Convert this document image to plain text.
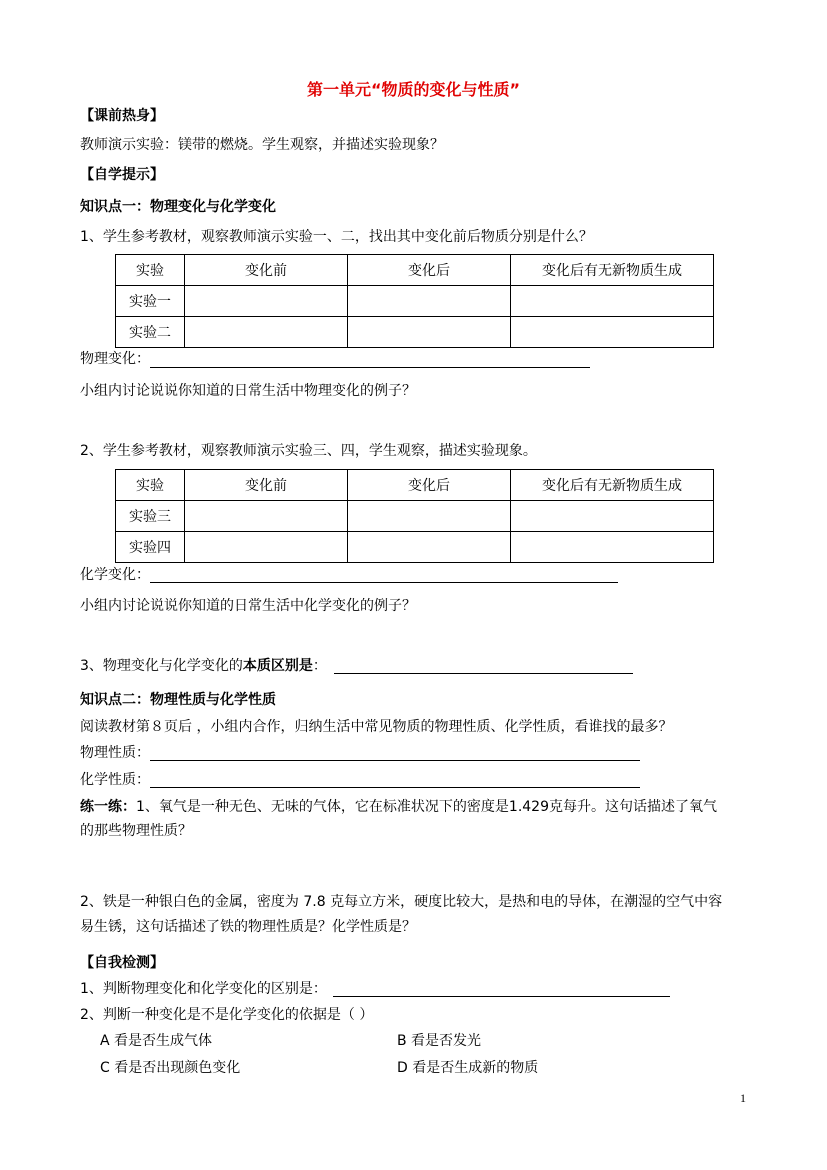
第一单元“物质的变化与性质”
【课前热身】
教师演示实验：镁带的燃烧。学生观察，并描述实验现象？
【自学提示】
知识点一：物理变化与化学变化
1、学生参考教材，观察教师演示实验一、二，找出其中变化前后物质分别是什么？
实验	变化前	变化后	变化后有无新物质生成
实验一			
实验二			
物理变化：
小组内讨论说说你知道的日常生活中物理变化的例子？
2、学生参考教材，观察教师演示实验三、四，学生观察，描述实验现象。
实验	变化前	变化后	变化后有无新物质生成
实验三			
实验四			
化学变化：
小组内讨论说说你知道的日常生活中化学变化的例子？
3、物理变化与化学变化的本质区别是：
知识点二：物理性质与化学性质
阅读教材第８页后 ，小组内合作，归纳生活中常见物质的物理性质、化学性质，看谁找的最多？
物理性质：
化学性质：
练一练：1、氧气是一种无色、无味的气体，它在标准状况下的密度是1.429克每升。这句话描述了氧气
的那些物理性质？
2、铁是一种银白色的金属，密度为 7.8 克每立方米，硬度比较大，是热和电的导体，在潮湿的空气中容
易生锈，这句话描述了铁的物理性质是？化学性质是？
【自我检测】
1、判断物理变化和化学变化的区别是：
2、判断一种变化是不是化学变化的依据是（ ）
A 看是否生成气体	B 看是否发光
C 看是否出现颜色变化	D 看是否生成新的物质
1
